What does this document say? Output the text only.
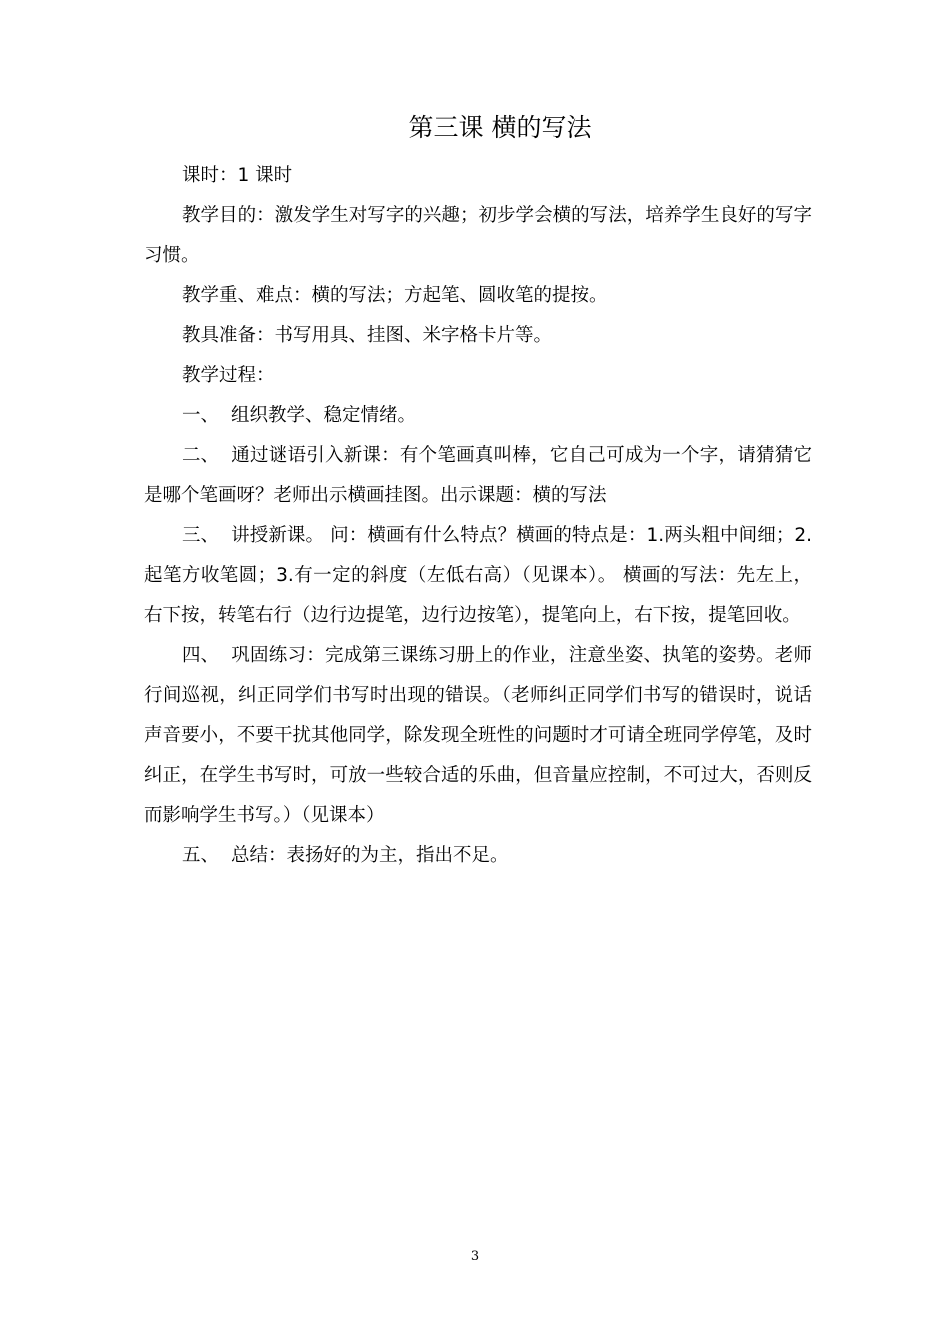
第三课 横的写法

课时：1 课时

教学目的：激发学生对写字的兴趣；初步学会横的写法，培养学生良好的写字习惯。

教学重、难点：横的写法；方起笔、圆收笔的提按。

教具准备：书写用具、挂图、米字格卡片等。

教学过程：

一、 组织教学、稳定情绪。

二、 通过谜语引入新课：有个笔画真叫棒，它自己可成为一个字，请猜猜它是哪个笔画呀？老师出示横画挂图。出示课题：横的写法

三、 讲授新课。 问：横画有什么特点？横画的特点是：1.两头粗中间细；2.起笔方收笔圆；3.有一定的斜度（左低右高）（见课本）。 横画的写法：先左上，右下按，转笔右行（边行边提笔，边行边按笔），提笔向上，右下按，提笔回收。

四、 巩固练习：完成第三课练习册上的作业，注意坐姿、执笔的姿势。老师行间巡视，纠正同学们书写时出现的错误。（老师纠正同学们书写的错误时，说话声音要小，不要干扰其他同学，除发现全班性的问题时才可请全班同学停笔，及时纠正，在学生书写时，可放一些较合适的乐曲，但音量应控制，不可过大，否则反而影响学生书写。）（见课本）

五、 总结：表扬好的为主，指出不足。

3
